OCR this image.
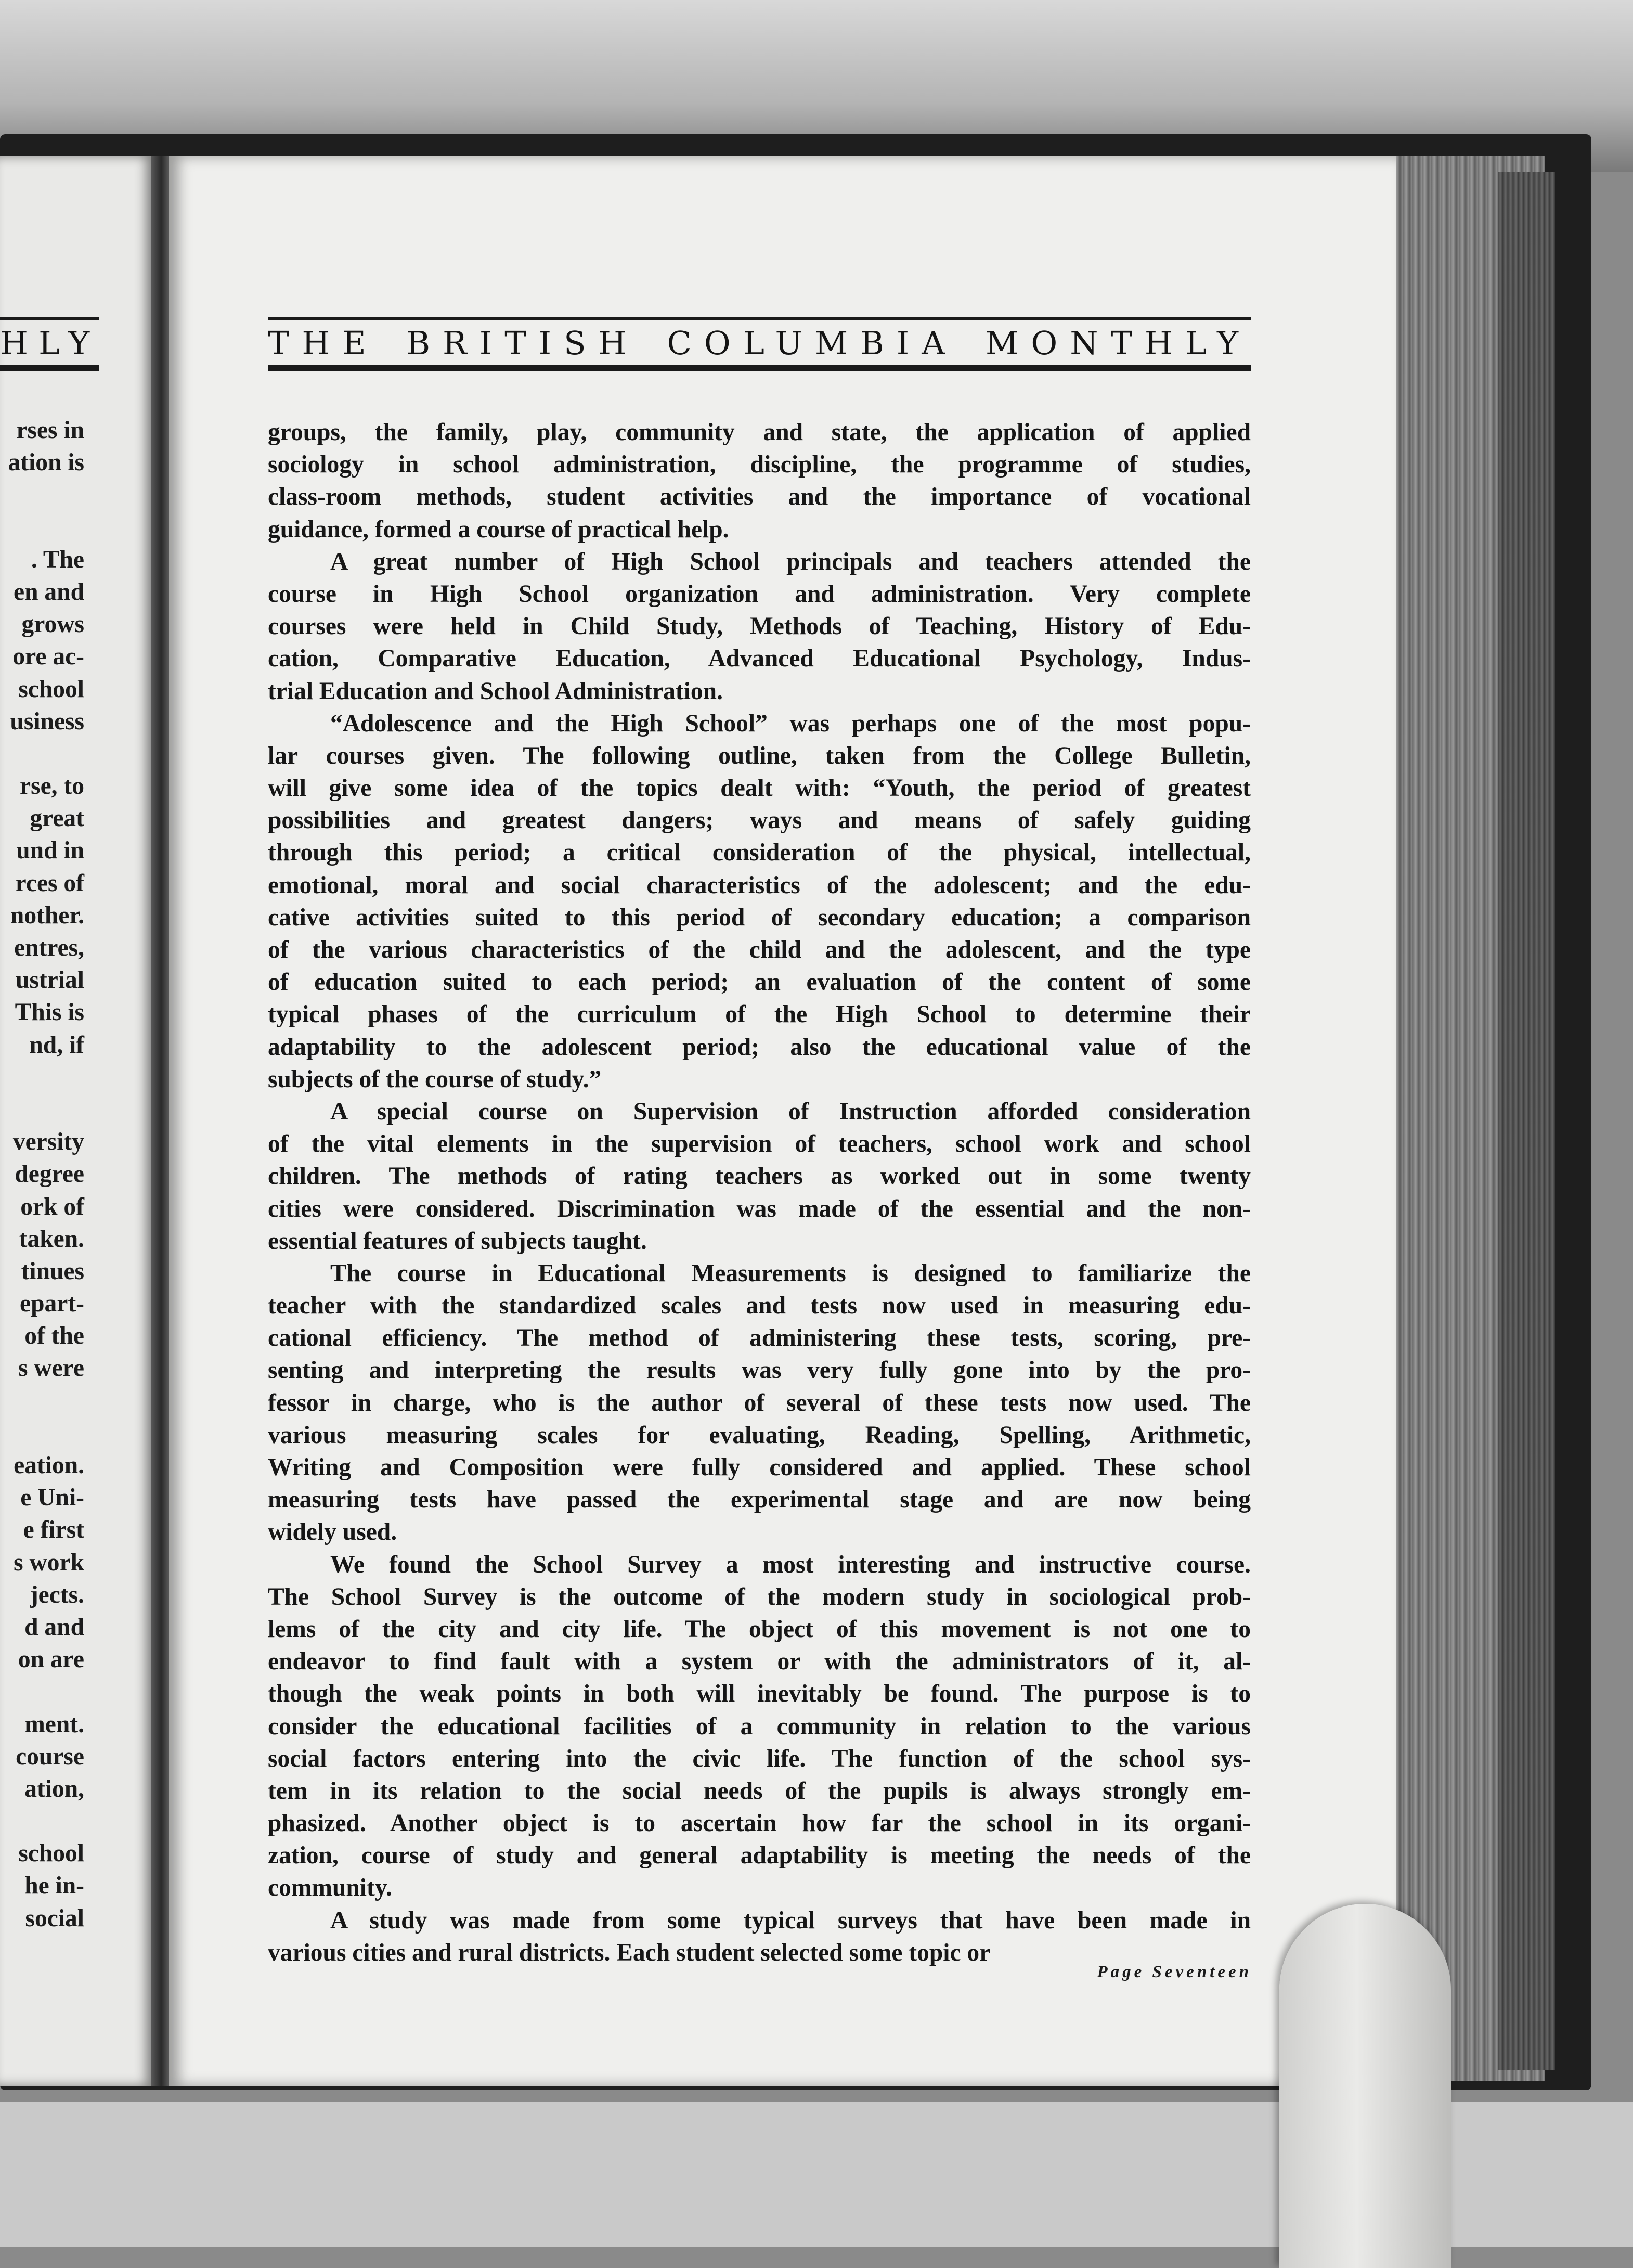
HLY
rses in
ation is
. The
en and
grows
ore ac-
school
usiness
rse, to
great
und in
rces of
nother.
entres,
ustrial
This is
nd, if
versity
degree
ork of
taken.
tinues
epart-
of the
s were
eation.
e Uni-
e first
s work
jects.
d and
on are
ment.
course
ation,
school
he in-
social
THE BRITISH COLUMBIA MONTHLY
groups, the family, play, community and state, the application of applied
sociology in school administration, discipline, the programme of studies,
class-room methods, student activities and the importance of vocational
guidance, formed a course of practical help.
A great number of High School principals and teachers attended the
course in High School organization and administration. Very complete
courses were held in Child Study, Methods of Teaching, History of Edu-
cation, Comparative Education, Advanced Educational Psychology, Indus-
trial Education and School Administration.
“Adolescence and the High School” was perhaps one of the most popu-
lar courses given. The following outline, taken from the College Bulletin,
will give some idea of the topics dealt with: “Youth, the period of greatest
possibilities and greatest dangers; ways and means of safely guiding
through this period; a critical consideration of the physical, intellectual,
emotional, moral and social characteristics of the adolescent; and the edu-
cative activities suited to this period of secondary education; a comparison
of the various characteristics of the child and the adolescent, and the type
of education suited to each period; an evaluation of the content of some
typical phases of the curriculum of the High School to determine their
adaptability to the adolescent period; also the educational value of the
subjects of the course of study.”
A special course on Supervision of Instruction afforded consideration
of the vital elements in the supervision of teachers, school work and school
children. The methods of rating teachers as worked out in some twenty
cities were considered. Discrimination was made of the essential and the non-
essential features of subjects taught.
The course in Educational Measurements is designed to familiarize the
teacher with the standardized scales and tests now used in measuring edu-
cational efficiency. The method of administering these tests, scoring, pre-
senting and interpreting the results was very fully gone into by the pro-
fessor in charge, who is the author of several of these tests now used. The
various measuring scales for evaluating, Reading, Spelling, Arithmetic,
Writing and Composition were fully considered and applied. These school
measuring tests have passed the experimental stage and are now being
widely used.
We found the School Survey a most interesting and instructive course.
The School Survey is the outcome of the modern study in sociological prob-
lems of the city and city life. The object of this movement is not one to
endeavor to find fault with a system or with the administrators of it, al-
though the weak points in both will inevitably be found. The purpose is to
consider the educational facilities of a community in relation to the various
social factors entering into the civic life. The function of the school sys-
tem in its relation to the social needs of the pupils is always strongly em-
phasized. Another object is to ascertain how far the school in its organi-
zation, course of study and general adaptability is meeting the needs of the
community.
A study was made from some typical surveys that have been made in
various cities and rural districts. Each student selected some topic or
Page Seventeen
